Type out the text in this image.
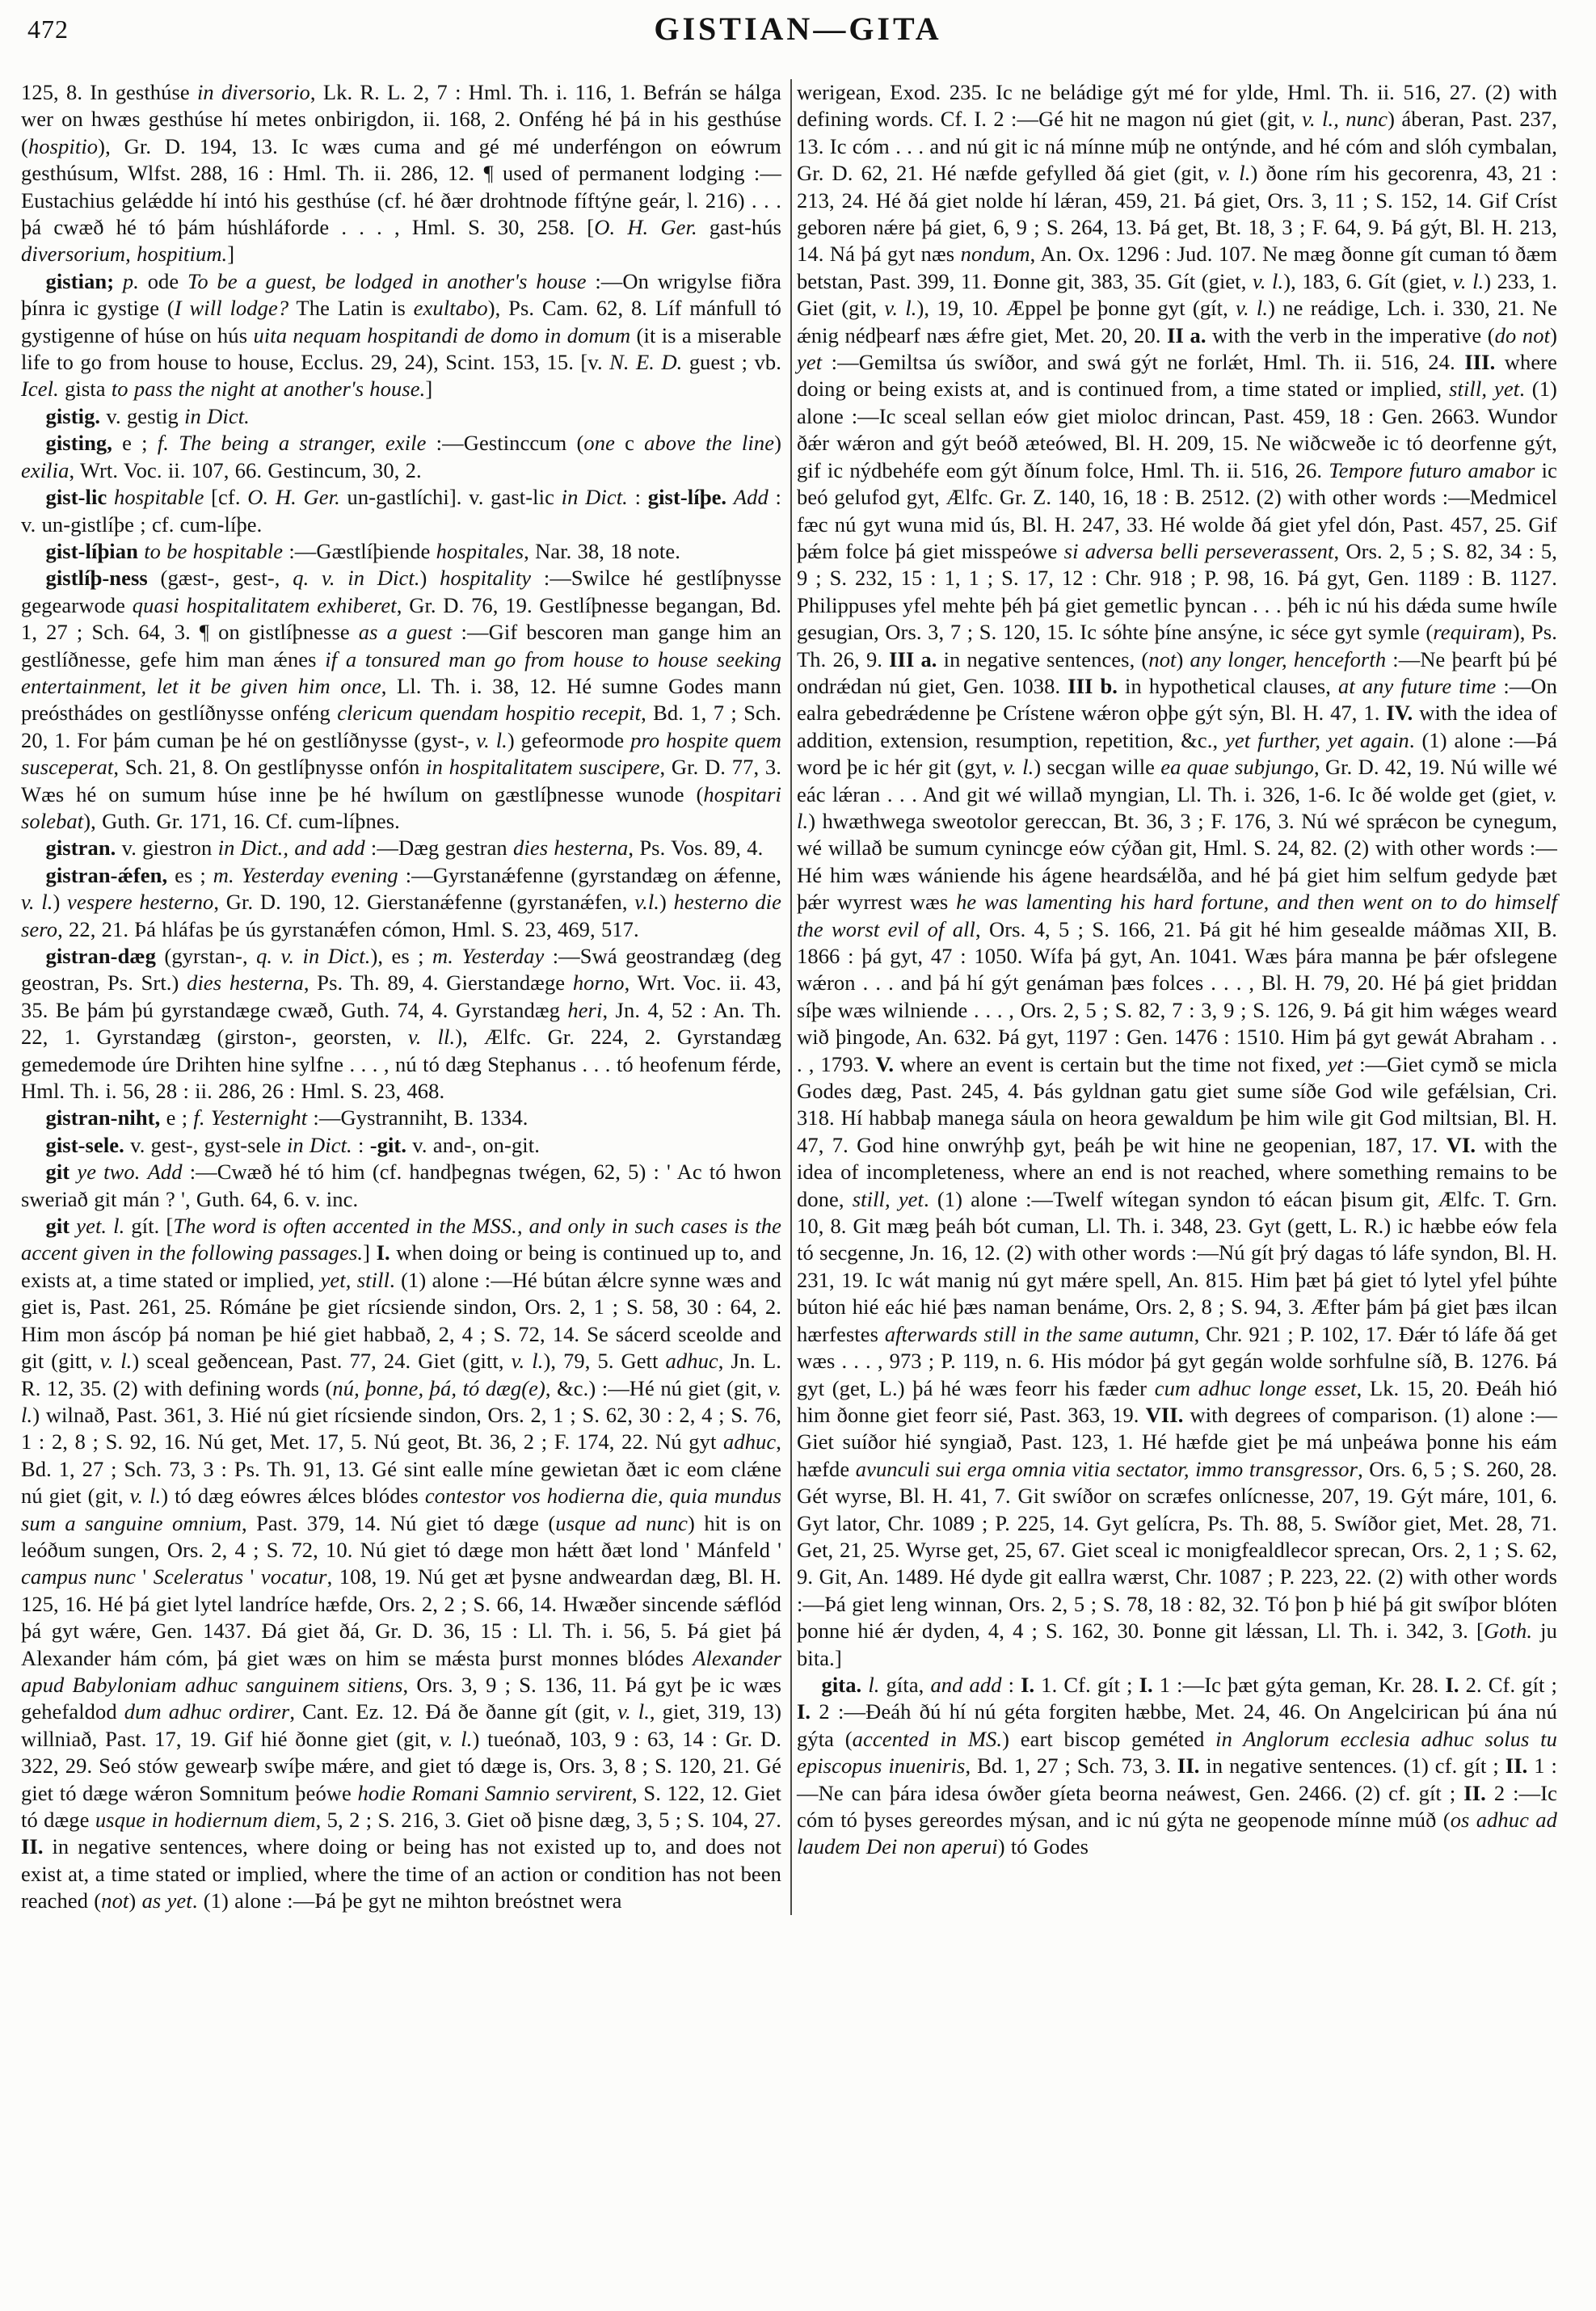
472	GISTIAN—GITA

125, 8. In gesthúse in diversorio, Lk. R. L. 2, 7 : Hml. Th. i. 116, 1. Befrán se hálga wer on hwæs gesthúse hí metes onbirigdon, ii. 168, 2. Onféng hé þá in his gesthúse (hospitio), Gr. D. 194, 13. Ic wæs cuma and gé mé underféngon on eówrum gesthúsum, Wlfst. 288, 16 : Hml. Th. ii. 286, 12. ¶ used of permanent lodging :—Eustachius gelǽdde hí intó his gesthúse (cf. hé ðær drohtnode fíftýne geár, l. 216) . . . þá cwæð hé tó þám húshláforde . . . , Hml. S. 30, 258. [O. H. Ger. gast-hús diversorium, hospitium.]

gistian; p. ode To be a guest, be lodged in another's house :—On wrigylse fiðra þínra ic gystige (I will lodge? The Latin is exultabo), Ps. Cam. 62, 8. Líf mánfull tó gystigenne of húse on hús uita nequam hospitandi de domo in domum (it is a miserable life to go from house to house, Ecclus. 29, 24), Scint. 153, 15. [v. N. E. D. guest ; vb. Icel. gista to pass the night at another's house.]

gistig. v. gestig in Dict.

gisting, e ; f. The being a stranger, exile :—Gestinccum (one c above the line) exilia, Wrt. Voc. ii. 107, 66. Gestincum, 30, 2.

gist-lic hospitable [cf. O. H. Ger. un-gastlíchi]. v. gast-lic in Dict. : gist-líþe. Add : v. un-gistlíþe ; cf. cum-líþe.

gist-líþian to be hospitable :—Gæstlíþiende hospitales, Nar. 38, 18 note.

gistlíþ-ness (gæst-, gest-, q. v. in Dict.) hospitality :—Swilce hé gestlíþnysse gegearwode quasi hospitalitatem exhiberet, Gr. D. 76, 19. Gestlíþnesse begangan, Bd. 1, 27 ; Sch. 64, 3. ¶ on gistlíþnesse as a guest :—Gif bescoren man gange him an gestlíðnesse, gefe him man ǽnes if a tonsured man go from house to house seeking entertainment, let it be given him once, Ll. Th. i. 38, 12. Hé sumne Godes mann preósthádes on gestlíðnysse onféng clericum quendam hospitio recepit, Bd. 1, 7 ; Sch. 20, 1. For þám cuman þe hé on gestlíðnysse (gyst-, v. l.) gefeormode pro hospite quem susceperat, Sch. 21, 8. On gestlíþnysse onfón in hospitalitatem suscipere, Gr. D. 77, 3. Wæs hé on sumum húse inne þe hé hwílum on gæstlíþnesse wunode (hospitari solebat), Guth. Gr. 171, 16. Cf. cum-líþnes.

gistran. v. giestron in Dict., and add :—Dæg gestran dies hesterna, Ps. Vos. 89, 4.

gistran-ǽfen, es ; m. Yesterday evening :—Gyrstanǽfenne (gyrstandæg on ǽfenne, v. l.) vespere hesterno, Gr. D. 190, 12. Gierstanǽfenne (gyrstanǽfen, v.l.) hesterno die sero, 22, 21. Þá hláfas þe ús gyrstanǽfen cómon, Hml. S. 23, 469, 517.

gistran-dæg (gyrstan-, q. v. in Dict.), es ; m. Yesterday :—Swá geostrandæg (deg geostran, Ps. Srt.) dies hesterna, Ps. Th. 89, 4. Gierstandæge horno, Wrt. Voc. ii. 43, 35. Be þám þú gyrstandæge cwæð, Guth. 74, 4. Gyrstandæg heri, Jn. 4, 52 : An. Th. 22, 1. Gyrstandæg (girston-, georsten, v. ll.), Ælfc. Gr. 224, 2. Gyrstandæg gemedemode úre Drihten hine sylfne . . . , nú tó dæg Stephanus . . . tó heofenum férde, Hml. Th. i. 56, 28 : ii. 286, 26 : Hml. S. 23, 468.

gistran-niht, e ; f. Yesternight :—Gystranniht, B. 1334.

gist-sele. v. gest-, gyst-sele in Dict. : -git. v. and-, on-git.

git ye two. Add :—Cwæð hé tó him (cf. handþegnas twégen, 62, 5) : ' Ac tó hwon sweriað git mán ? ', Guth. 64, 6. v. inc.

git yet. l. gít. [The word is often accented in the MSS., and only in such cases is the accent given in the following passages.] I. when doing or being is continued up to, and exists at, a time stated or implied, yet, still. (1) alone :—Hé bútan ǽlcre synne wæs and giet is, Past. 261, 25. Rómáne þe giet rícsiende sindon, Ors. 2, 1 ; S. 58, 30 : 64, 2. Him mon áscóp þá noman þe hié giet habbað, 2, 4 ; S. 72, 14. Se sácerd sceolde and git (gitt, v. l.) sceal geðencean, Past. 77, 24. Giet (gitt, v. l.), 79, 5. Gett adhuc, Jn. L. R. 12, 35. (2) with defining words (nú, þonne, þá, tó dæg(e), &c.) :—Hé nú giet (git, v. l.) wilnað, Past. 361, 3. Hié nú giet rícsiende sindon, Ors. 2, 1 ; S. 62, 30 : 2, 4 ; S. 76, 1 : 2, 8 ; S. 92, 16. Nú get, Met. 17, 5. Nú geot, Bt. 36, 2 ; F. 174, 22. Nú gyt adhuc, Bd. 1, 27 ; Sch. 73, 3 : Ps. Th. 91, 13. Gé sint ealle míne gewietan ðæt ic eom clǽne nú giet (git, v. l.) tó dæg eówres ǽlces blódes contestor vos hodierna die, quia mundus sum a sanguine omnium, Past. 379, 14. Nú giet tó dæge (usque ad nunc) hit is on leóðum sungen, Ors. 2, 4 ; S. 72, 10. Nú giet tó dæge mon hǽtt ðæt lond ' Mánfeld ' campus nunc ' Sceleratus ' vocatur, 108, 19. Nú get æt þysne andweardan dæg, Bl. H. 125, 16. Hé þá giet lytel landríce hæfde, Ors. 2, 2 ; S. 66, 14. Hwæðer sincende sǽflód þá gyt wǽre, Gen. 1437. Ðá giet ðá, Gr. D. 36, 15 : Ll. Th. i. 56, 5. Þá giet þá Alexander hám cóm, þá giet wæs on him se mǽsta þurst monnes blódes Alexander apud Babyloniam adhuc sanguinem sitiens, Ors. 3, 9 ; S. 136, 11. Þá gyt þe ic wæs gehefaldod dum adhuc ordirer, Cant. Ez. 12. Ðá ðe ðanne gít (git, v. l., giet, 319, 13) willniað, Past. 17, 19. Gif hié ðonne giet (git, v. l.) tueónað, 103, 9 : 63, 14 : Gr. D. 322, 29. Seó stów gewearþ swíþe mǽre, and giet tó dæge is, Ors. 3, 8 ; S. 120, 21. Gé giet tó dæge wǽron Somnitum þeówe hodie Romani Samnio servirent, S. 122, 12. Giet tó dæge usque in hodiernum diem, 5, 2 ; S. 216, 3. Giet oð þisne dæg, 3, 5 ; S. 104, 27. II. in negative sentences, where doing or being has not existed up to, and does not exist at, a time stated or implied, where the time of an action or condition has not been reached (not) as yet. (1) alone :—Þá þe gyt ne mihton breóstnet wera

werigean, Exod. 235. Ic ne beládige gýt mé for ylde, Hml. Th. ii. 516, 27. (2) with defining words. Cf. I. 2 :—Gé hit ne magon nú giet (git, v. l., nunc) áberan, Past. 237, 13. Ic cóm . . . and nú git ic ná mínne múþ ne ontýnde, and hé cóm and slóh cymbalan, Gr. D. 62, 21. Hé næfde gefylled ðá giet (git, v. l.) ðone rím his gecorenra, 43, 21 : 213, 24. Hé ðá giet nolde hí lǽran, 459, 21. Þá giet, Ors. 3, 11 ; S. 152, 14. Gif Críst geboren nǽre þá giet, 6, 9 ; S. 264, 13. Þá get, Bt. 18, 3 ; F. 64, 9. Þá gýt, Bl. H. 213, 14. Ná þá gyt næs nondum, An. Ox. 1296 : Jud. 107. Ne mæg ðonne gít cuman tó ðæm betstan, Past. 399, 11. Ðonne git, 383, 35. Gít (giet, v. l.), 183, 6. Gít (giet, v. l.) 233, 1. Giet (git, v. l.), 19, 10. Æppel þe þonne gyt (gít, v. l.) ne reádige, Lch. i. 330, 21. Ne ǽnig nédþearf næs ǽfre giet, Met. 20, 20. II a. with the verb in the imperative (do not) yet :—Gemiltsa ús swíðor, and swá gýt ne forlǽt, Hml. Th. ii. 516, 24. III. where doing or being exists at, and is continued from, a time stated or implied, still, yet. (1) alone :—Ic sceal sellan eów giet mioloc drincan, Past. 459, 18 : Gen. 2663. Wundor ðǽr wǽron and gýt beóð æteówed, Bl. H. 209, 15. Ne wiðcweðe ic tó deorfenne gýt, gif ic nýdbehéfe eom gýt ðínum folce, Hml. Th. ii. 516, 26. Tempore futuro amabor ic beó gelufod gyt, Ælfc. Gr. Z. 140, 16, 18 : B. 2512. (2) with other words :—Medmicel fæc nú gyt wuna mid ús, Bl. H. 247, 33. Hé wolde ðá giet yfel dón, Past. 457, 25. Gif þǽm folce þá giet misspeówe si adversa belli perseverassent, Ors. 2, 5 ; S. 82, 34 : 5, 9 ; S. 232, 15 : 1, 1 ; S. 17, 12 : Chr. 918 ; P. 98, 16. Þá gyt, Gen. 1189 : B. 1127. Philippuses yfel mehte þéh þá giet gemetlic þyncan . . . þéh ic nú his dǽda sume hwíle gesugian, Ors. 3, 7 ; S. 120, 15. Ic sóhte þíne ansýne, ic séce gyt symle (requiram), Ps. Th. 26, 9. III a. in negative sentences, (not) any longer, henceforth :—Ne þearft þú þé ondrǽdan nú giet, Gen. 1038. III b. in hypothetical clauses, at any future time :—On ealra gebedrǽdenne þe Crístene wǽron oþþe gýt sýn, Bl. H. 47, 1. IV. with the idea of addition, extension, resumption, repetition, &c., yet further, yet again. (1) alone :—Þá word þe ic hér git (gyt, v. l.) secgan wille ea quae subjungo, Gr. D. 42, 19. Nú wille wé eác lǽran . . . And git wé willað myngian, Ll. Th. i. 326, 1-6. Ic ðé wolde get (giet, v. l.) hwæthwega sweotolor gereccan, Bt. 36, 3 ; F. 176, 3. Nú wé sprǽcon be cynegum, wé willað be sumum cynincge eów cýðan git, Hml. S. 24, 82. (2) with other words :—Hé him wæs wániende his ágene heardsǽlða, and hé þá giet him selfum gedyde þæt þǽr wyrrest wæs he was lamenting his hard fortune, and then went on to do himself the worst evil of all, Ors. 4, 5 ; S. 166, 21. Þá git hé him gesealde máðmas XII, B. 1866 : þá gyt, 47 : 1050. Wífa þá gyt, An. 1041. Wæs þára manna þe þǽr ofslegene wǽron . . . and þá hí gýt genáman þæs folces . . . , Bl. H. 79, 20. Hé þá giet þriddan síþe wæs wilniende . . . , Ors. 2, 5 ; S. 82, 7 : 3, 9 ; S. 126, 9. Þá git him wǽges weard wið þingode, An. 632. Þá gyt, 1197 : Gen. 1476 : 1510. Him þá gyt gewát Abraham . . . , 1793. V. where an event is certain but the time not fixed, yet :—Giet cymð se micla Godes dæg, Past. 245, 4. Þás gyldnan gatu giet sume síðe God wile gefǽlsian, Cri. 318. Hí habbaþ manega sáula on heora gewaldum þe him wile git God miltsian, Bl. H. 47, 7. God hine onwrýhþ gyt, þeáh þe wit hine ne geopenian, 187, 17. VI. with the idea of incompleteness, where an end is not reached, where something remains to be done, still, yet. (1) alone :—Twelf wítegan syndon tó eácan þisum git, Ælfc. T. Grn. 10, 8. Git mæg þeáh bót cuman, Ll. Th. i. 348, 23. Gyt (gett, L. R.) ic hæbbe eów fela tó secgenne, Jn. 16, 12. (2) with other words :—Nú gít þrý dagas tó láfe syndon, Bl. H. 231, 19. Ic wát manig nú gyt mǽre spell, An. 815. Him þæt þá giet tó lytel yfel þúhte búton hié eác hié þæs naman benáme, Ors. 2, 8 ; S. 94, 3. Æfter þám þá giet þæs ilcan hærfestes afterwards still in the same autumn, Chr. 921 ; P. 102, 17. Ðǽr tó láfe ðá get wæs . . . , 973 ; P. 119, n. 6. His módor þá gyt gegán wolde sorhfulne síð, B. 1276. Þá gyt (get, L.) þá hé wæs feorr his fæder cum adhuc longe esset, Lk. 15, 20. Ðeáh hió him ðonne giet feorr sié, Past. 363, 19. VII. with degrees of comparison. (1) alone :—Giet suíðor hié syngiað, Past. 123, 1. Hé hæfde giet þe má unþeáwa þonne his eám hæfde avunculi sui erga omnia vitia sectator, immo transgressor, Ors. 6, 5 ; S. 260, 28. Gét wyrse, Bl. H. 41, 7. Git swíðor on scræfes onlícnesse, 207, 19. Gýt máre, 101, 6. Gyt lator, Chr. 1089 ; P. 225, 14. Gyt gelícra, Ps. Th. 88, 5. Swíðor giet, Met. 28, 71. Get, 21, 25. Wyrse get, 25, 67. Giet sceal ic monigfealdlecor sprecan, Ors. 2, 1 ; S. 62, 9. Git, An. 1489. Hé dyde git eallra wærst, Chr. 1087 ; P. 223, 22. (2) with other words :—Þá giet leng winnan, Ors. 2, 5 ; S. 78, 18 : 82, 32. Tó þon þ hié þá git swíþor blóten þonne hié ǽr dyden, 4, 4 ; S. 162, 30. Þonne git lǽssan, Ll. Th. i. 342, 3. [Goth. ju bita.]

gita. l. gíta, and add : I. 1. Cf. gít ; I. 1 :—Ic þæt gýta geman, Kr. 28. I. 2. Cf. gít ; I. 2 :—Ðeáh ðú hí nú géta forgiten hæbbe, Met. 24, 46. On Angelcirican þú ána nú gýta (accented in MS.) eart biscop geméted in Anglorum ecclesia adhuc solus tu episcopus inueniris, Bd. 1, 27 ; Sch. 73, 3. II. in negative sentences. (1) cf. gít ; II. 1 :—Ne can þára idesa ówðer gíeta beorna neáwest, Gen. 2466. (2) cf. gít ; II. 2 :—Ic cóm tó þyses gereordes mýsan, and ic nú gýta ne geopenode mínne múð (os adhuc ad laudem Dei non aperui) tó Godes
